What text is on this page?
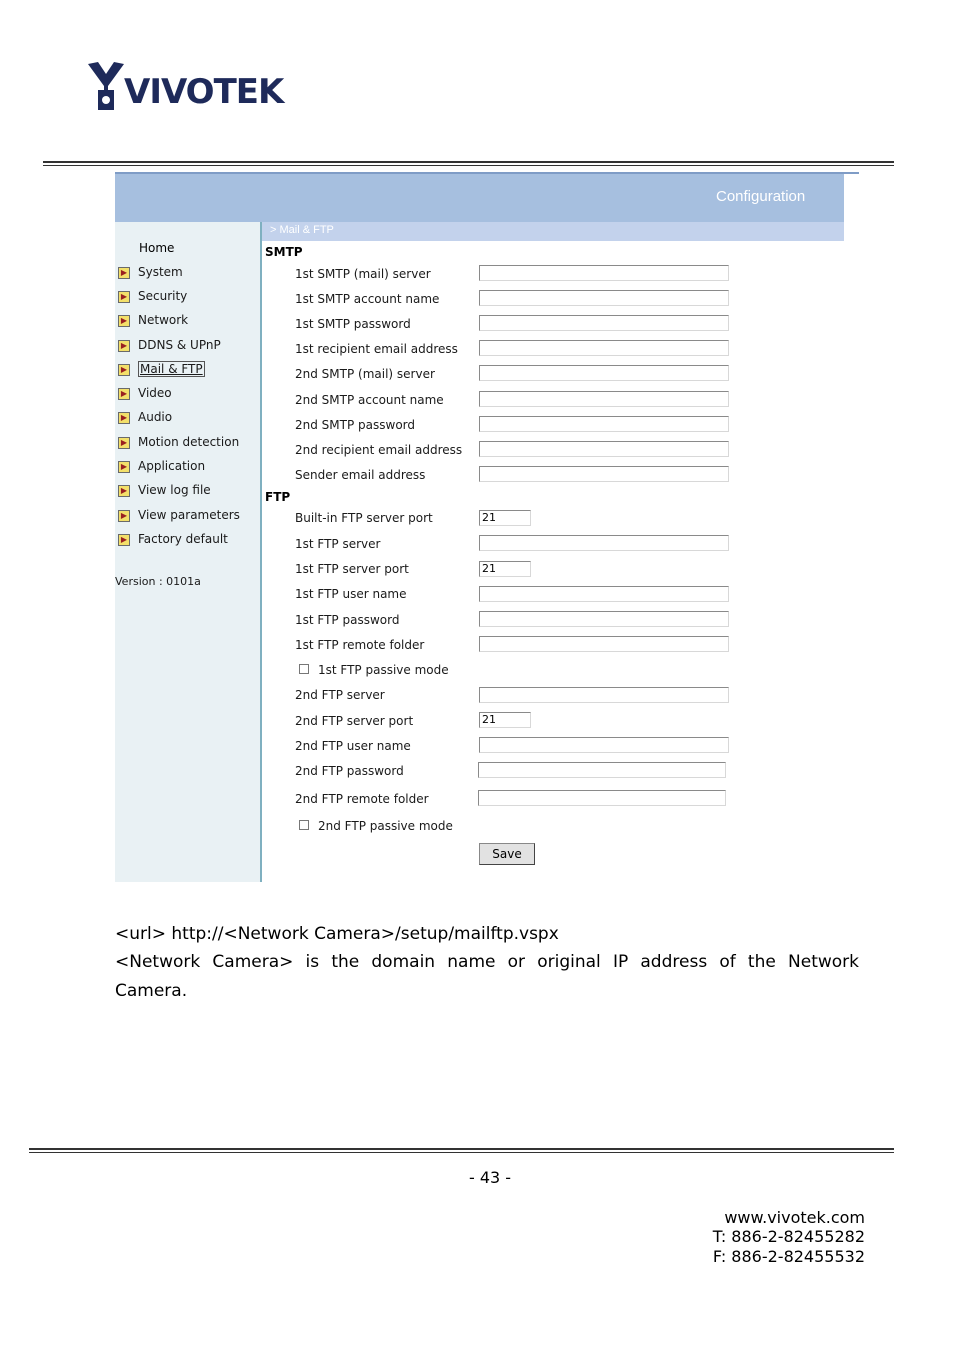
VIVOTEK
Configuration
> Mail & FTP
Home
▶ System
▶ Security
▶ Network
▶ DDNS & UPnP
▶ Mail & FTP
▶ Video
▶ Audio
▶ Motion detection
▶ Application
▶ View log file
▶ View parameters
▶ Factory default
Version : 0101a
SMTP
1st SMTP (mail) server
1st SMTP account name
1st SMTP password
1st recipient email address
2nd SMTP (mail) server
2nd SMTP account name
2nd SMTP password
2nd recipient email address
Sender email address
FTP
Built-in FTP server port	21
1st FTP server
1st FTP server port	21
1st FTP user name
1st FTP password
1st FTP remote folder
1st FTP passive mode
2nd FTP server
2nd FTP server port	21
2nd FTP user name
2nd FTP password
2nd FTP remote folder
2nd FTP passive mode
Save
<url> http://<Network Camera>/setup/mailftp.vspx
<Network Camera> is the domain name or original IP address of the Network
Camera.
- 43 -
www.vivotek.com
T: 886-2-82455282
F: 886-2-82455532
